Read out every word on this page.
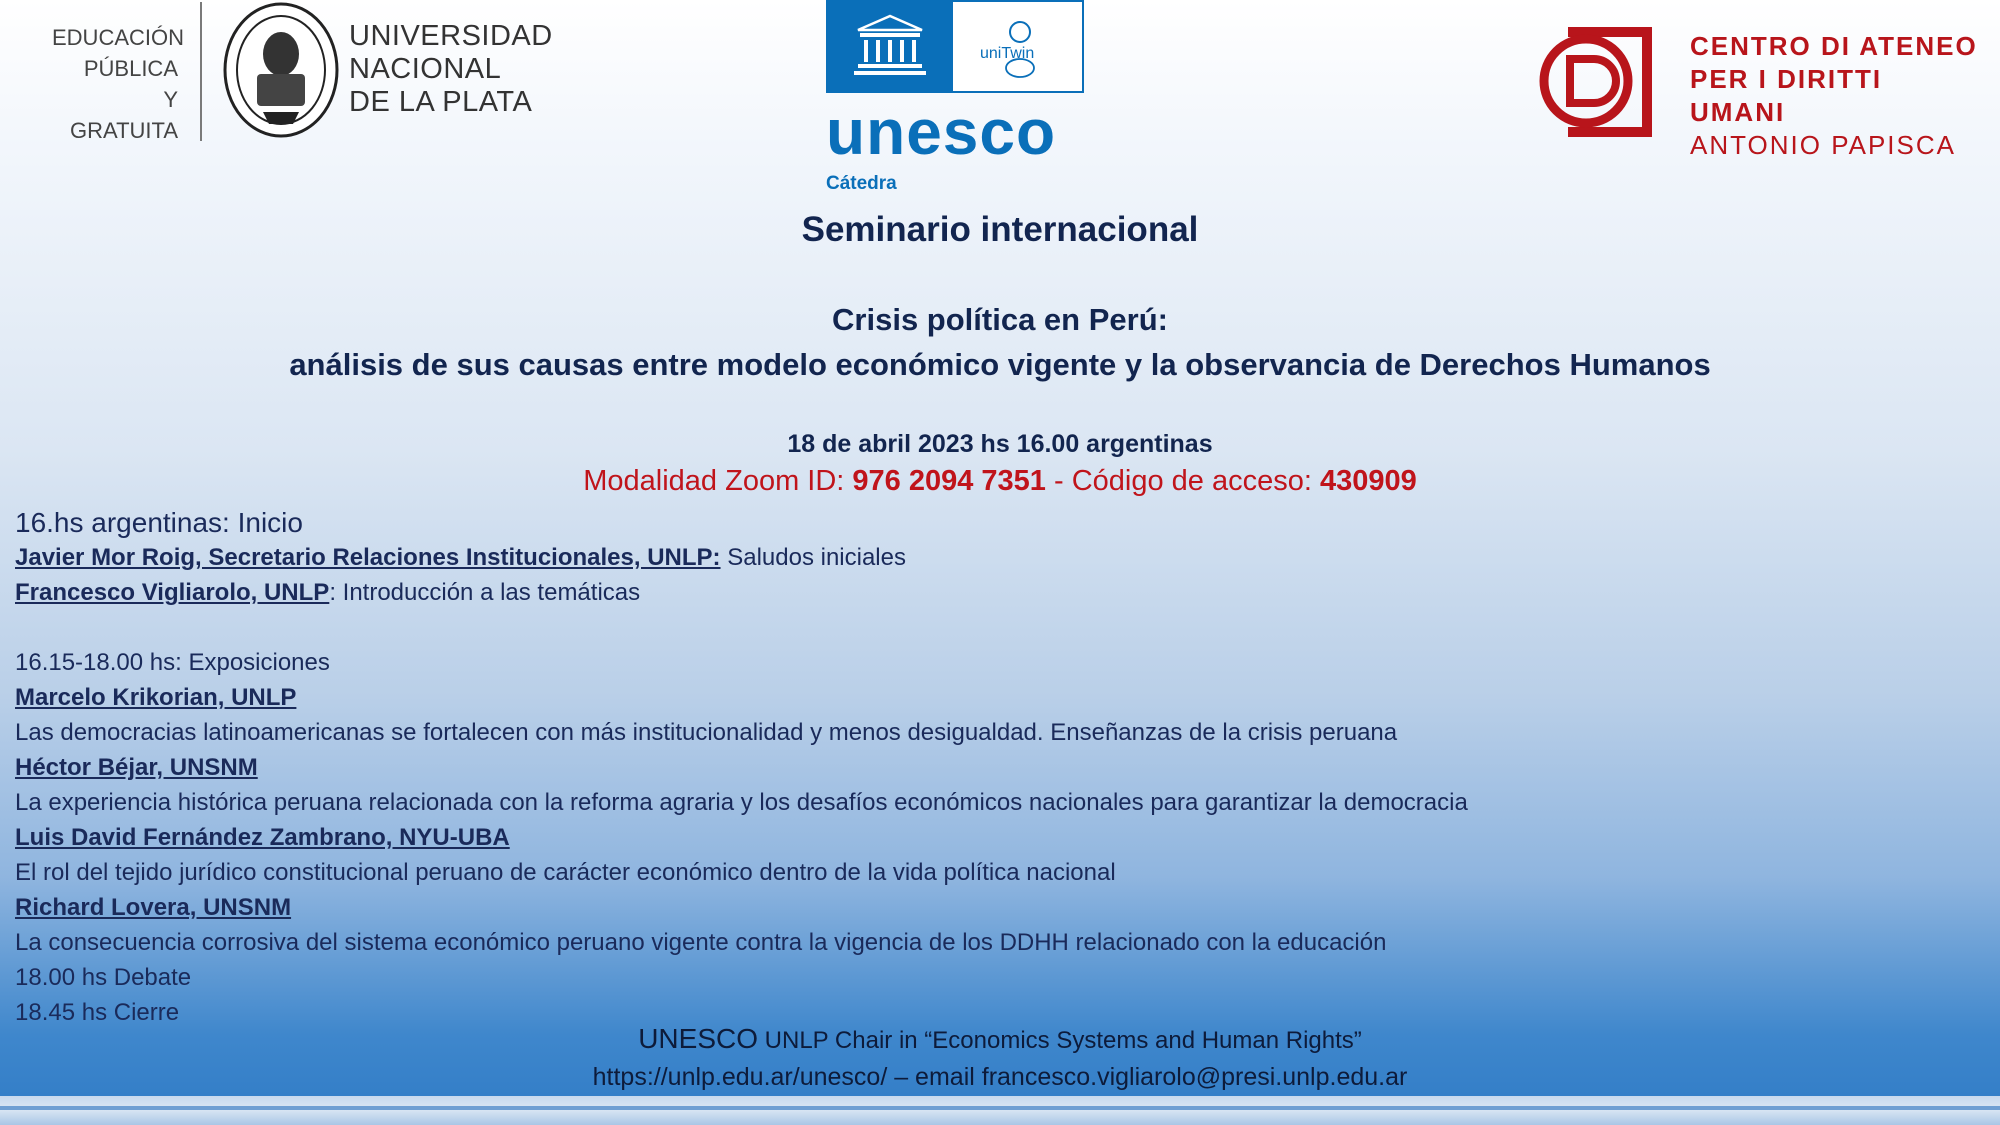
EDUCACIÓN
PÚBLICA
Y GRATUITA
UNIVERSIDAD
NACIONAL
DE LA PLATA
uniTwin
unesco
Cátedra
CENTRO DI ATENEO
PER I DIRITTI UMANI
ANTONIO PAPISCA
Seminario internacional
Crisis política en Perú:
análisis de sus causas entre modelo económico vigente y la observancia de Derechos Humanos
18 de abril 2023 hs 16.00 argentinas
Modalidad Zoom ID: 976 2094 7351 - Código de acceso: 430909
16.hs argentinas: Inicio
Javier Mor Roig, Secretario Relaciones Institucionales, UNLP: Saludos iniciales
Francesco Vigliarolo, UNLP: Introducción a las temáticas
16.15-18.00 hs: Exposiciones
Marcelo Krikorian, UNLP
Las democracias latinoamericanas se fortalecen con más institucionalidad y menos desigualdad. Enseñanzas de la crisis peruana
Héctor Béjar, UNSNM
La experiencia histórica peruana relacionada con la reforma agraria y los desafíos económicos nacionales para garantizar la democracia
Luis David Fernández Zambrano, NYU-UBA
El rol del tejido jurídico constitucional peruano de carácter económico dentro de la vida política nacional
Richard Lovera, UNSNM
La consecuencia corrosiva del sistema económico peruano vigente contra la vigencia de los DDHH relacionado con la educación
18.00 hs Debate
18.45 hs Cierre
UNESCO UNLP Chair in “Economics Systems and Human Rights”
https://unlp.edu.ar/unesco/ – email francesco.vigliarolo@presi.unlp.edu.ar
